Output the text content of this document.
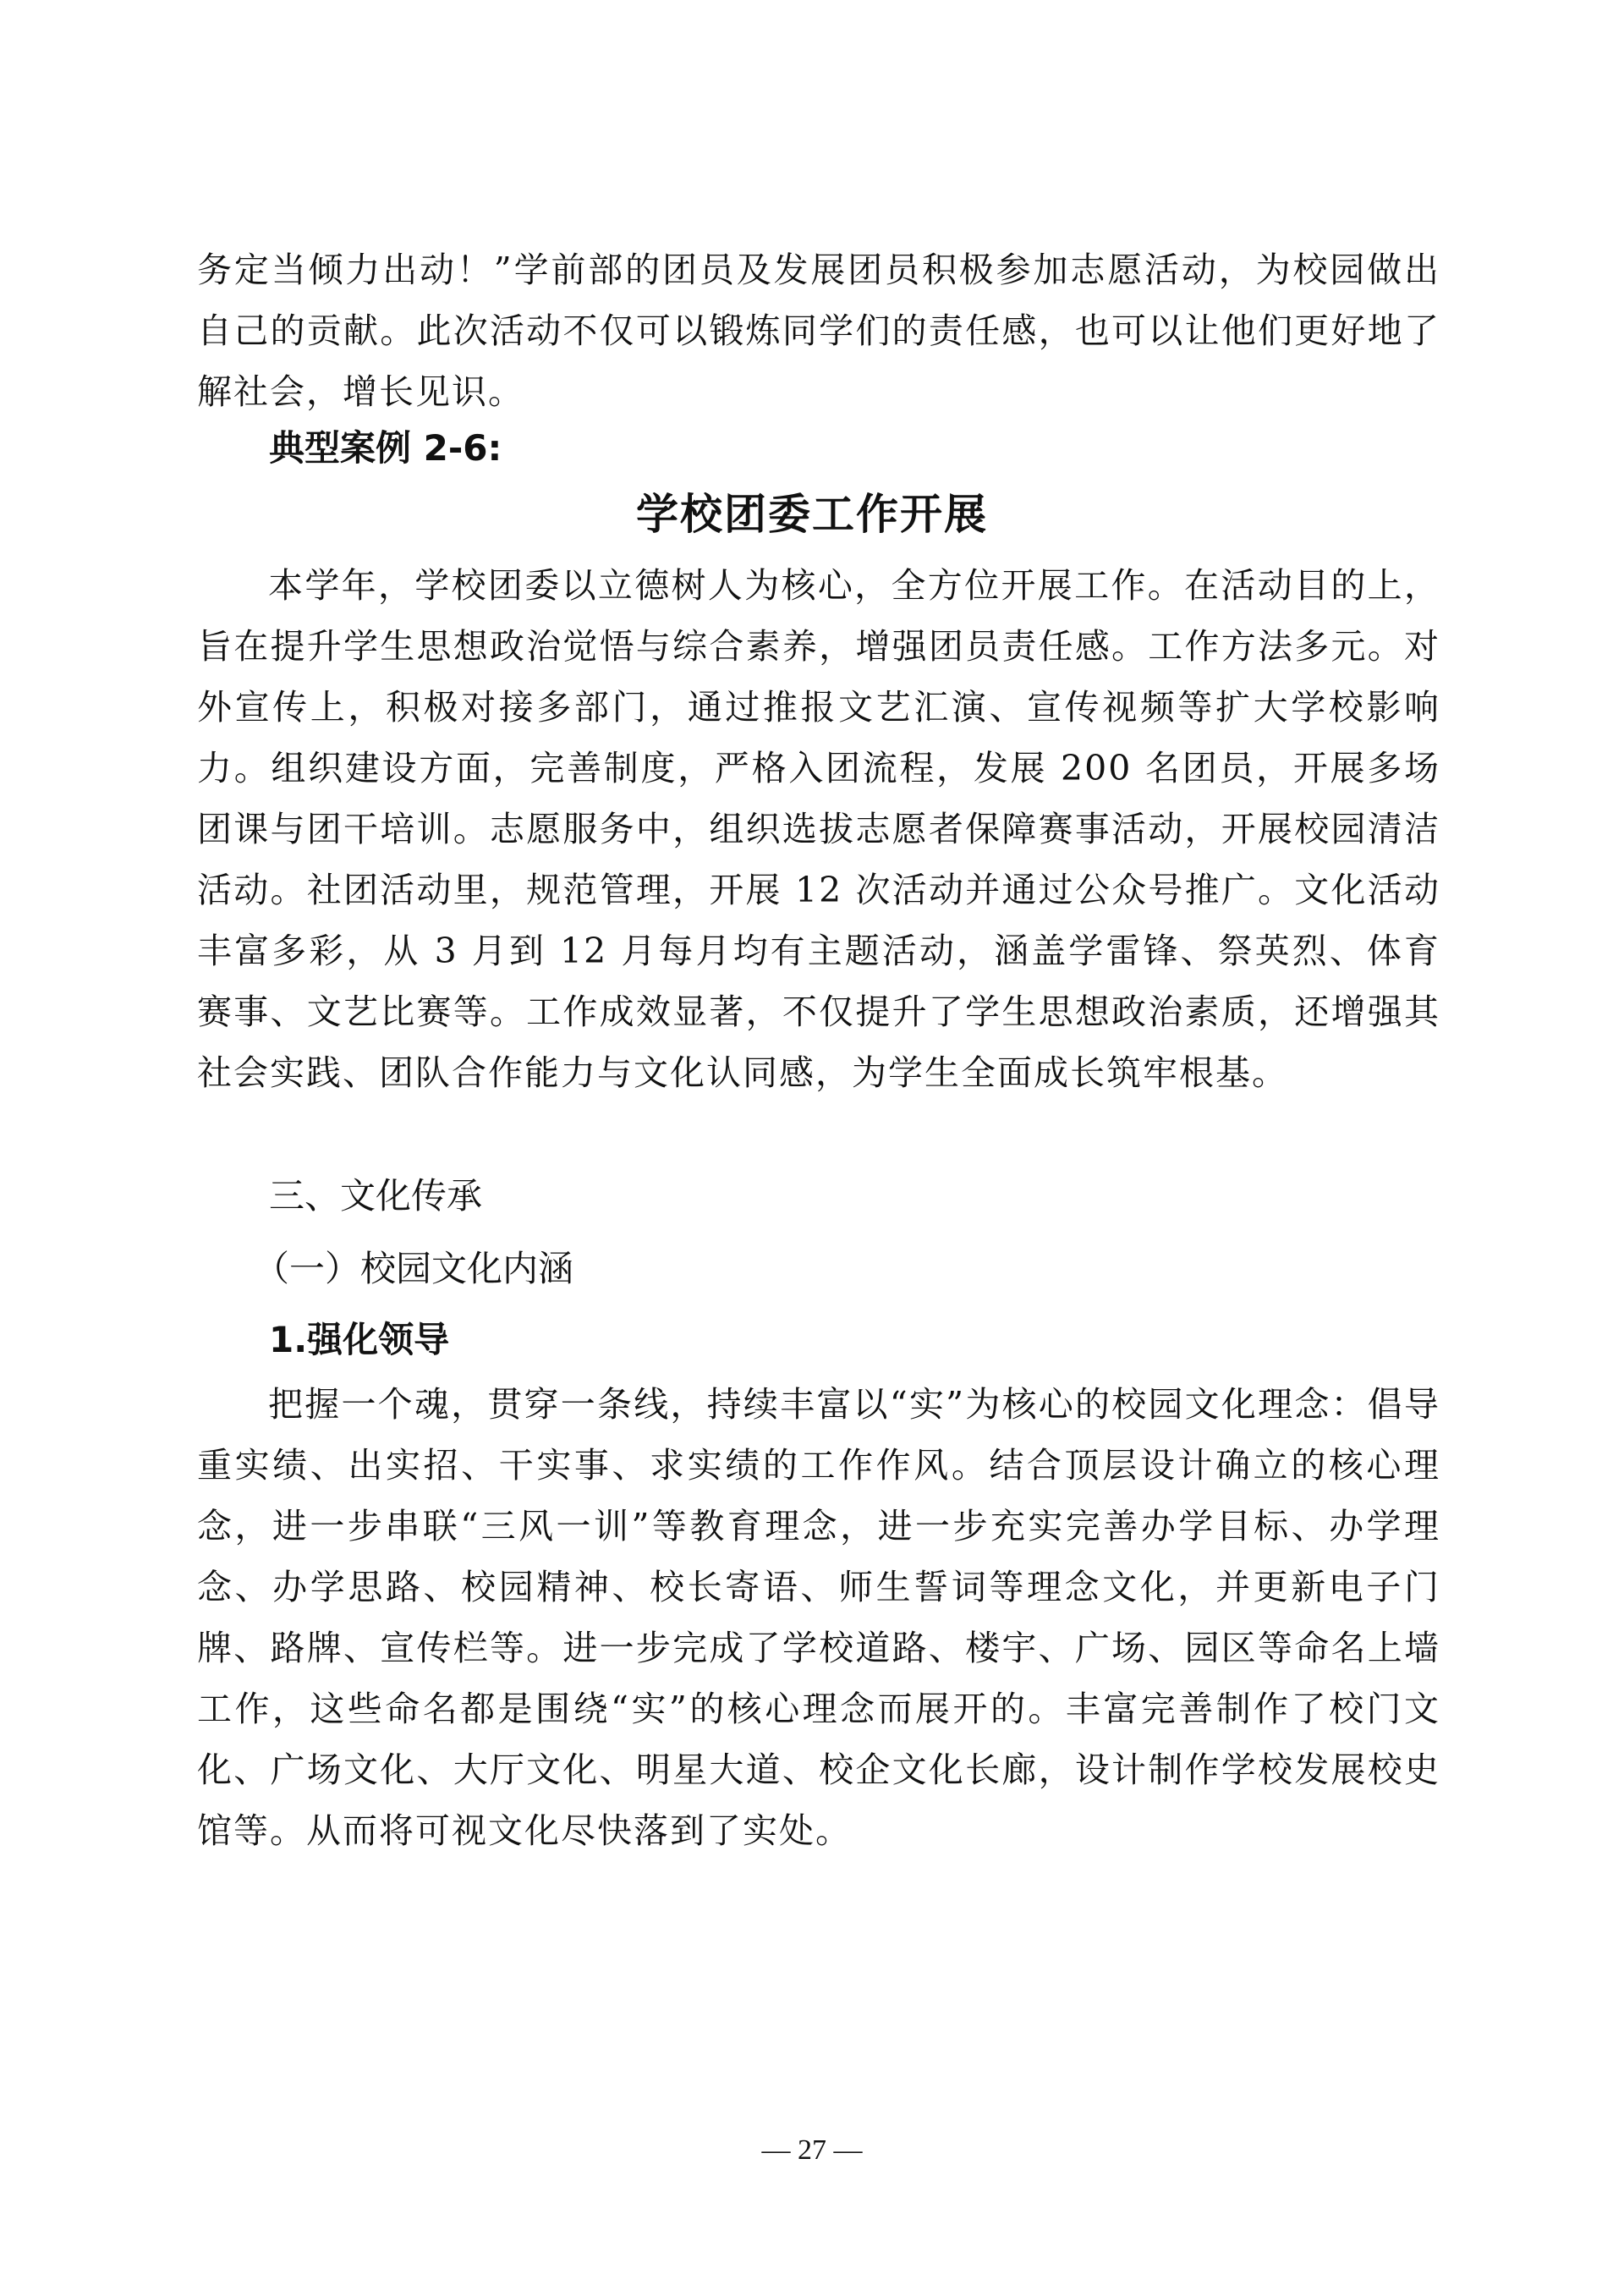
务定当倾力出动！”学前部的团员及发展团员积极参加志愿活动，为校园做出自己的贡献。此次活动不仅可以锻炼同学们的责任感，也可以让他们更好地了解社会，增长见识。

典型案例 2-6:
学校团委工作开展

本学年，学校团委以立德树人为核心，全方位开展工作。在活动目的上，旨在提升学生思想政治觉悟与综合素养，增强团员责任感。工作方法多元。对外宣传上，积极对接多部门，通过推报文艺汇演、宣传视频等扩大学校影响力。组织建设方面，完善制度，严格入团流程，发展 200 名团员，开展多场团课与团干培训。志愿服务中，组织选拔志愿者保障赛事活动，开展校园清洁活动。社团活动里，规范管理，开展 12 次活动并通过公众号推广。文化活动丰富多彩，从 3 月到 12 月每月均有主题活动，涵盖学雷锋、祭英烈、体育赛事、文艺比赛等。工作成效显著，不仅提升了学生思想政治素质，还增强其社会实践、团队合作能力与文化认同感，为学生全面成长筑牢根基。

三、文化传承
（一）校园文化内涵
1.强化领导

把握一个魂，贯穿一条线，持续丰富以“实”为核心的校园文化理念：倡导重实绩、出实招、干实事、求实绩的工作作风。结合顶层设计确立的核心理念，进一步串联“三风一训”等教育理念，进一步充实完善办学目标、办学理念、办学思路、校园精神、校长寄语、师生誓词等理念文化，并更新电子门牌、路牌、宣传栏等。进一步完成了学校道路、楼宇、广场、园区等命名上墙工作，这些命名都是围绕“实”的核心理念而展开的。丰富完善制作了校门文化、广场文化、大厅文化、明星大道、校企文化长廊，设计制作学校发展校史馆等。从而将可视文化尽快落到了实处。

— 27 —
